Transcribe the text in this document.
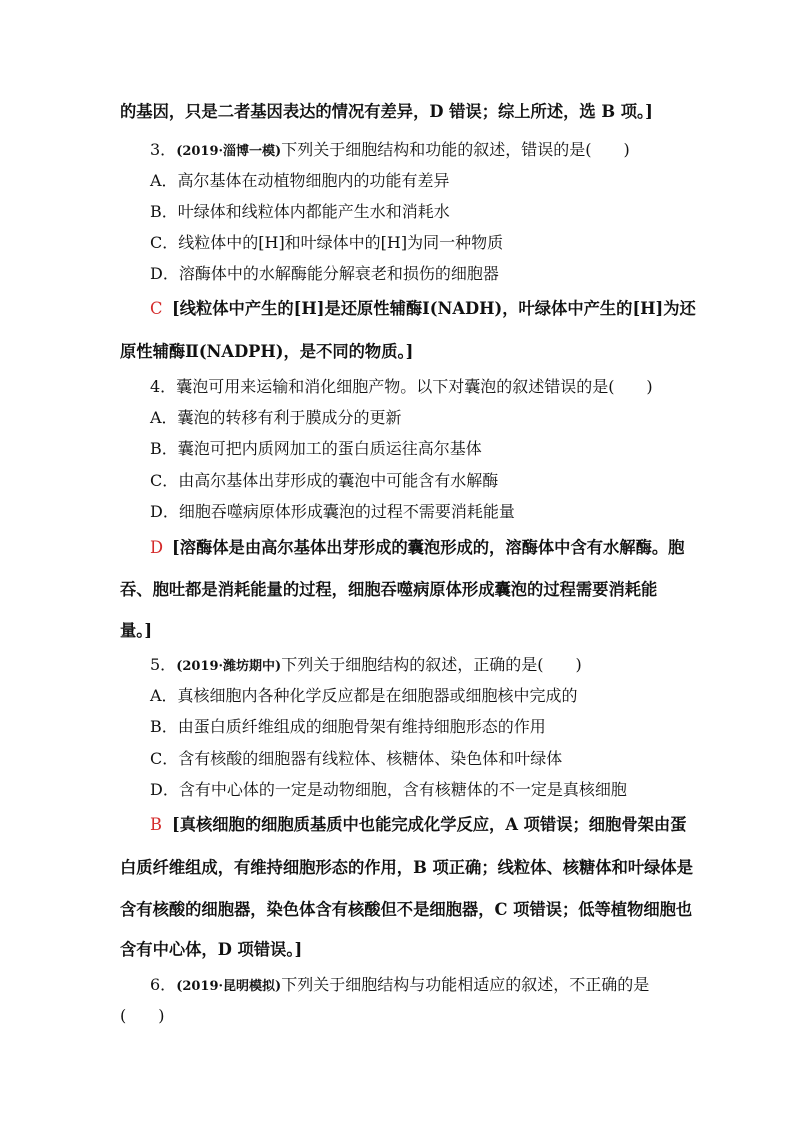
的基因，只是二者基因表达的情况有差异，D 错误；综上所述，选 B 项。]
3．(2019·淄博一模)下列关于细胞结构和功能的叙述，错误的是(　　)
A．高尔基体在动植物细胞内的功能有差异
B．叶绿体和线粒体内都能产生水和消耗水
C．线粒体中的[H]和叶绿体中的[H]为同一种物质
D．溶酶体中的水解酶能分解衰老和损伤的细胞器
C [线粒体中产生的[H]是还原性辅酶Ⅰ(NADH)，叶绿体中产生的[H]为还
原性辅酶Ⅱ(NADPH)，是不同的物质。]
4．囊泡可用来运输和消化细胞产物。以下对囊泡的叙述错误的是(　　)
A．囊泡的转移有利于膜成分的更新
B．囊泡可把内质网加工的蛋白质运往高尔基体
C．由高尔基体出芽形成的囊泡中可能含有水解酶
D．细胞吞噬病原体形成囊泡的过程不需要消耗能量
D [溶酶体是由高尔基体出芽形成的囊泡形成的，溶酶体中含有水解酶。胞
吞、胞吐都是消耗能量的过程，细胞吞噬病原体形成囊泡的过程需要消耗能
量。]
5．(2019·潍坊期中)下列关于细胞结构的叙述，正确的是(　　)
A．真核细胞内各种化学反应都是在细胞器或细胞核中完成的
B．由蛋白质纤维组成的细胞骨架有维持细胞形态的作用
C．含有核酸的细胞器有线粒体、核糖体、染色体和叶绿体
D．含有中心体的一定是动物细胞，含有核糖体的不一定是真核细胞
B [真核细胞的细胞质基质中也能完成化学反应，A 项错误；细胞骨架由蛋
白质纤维组成，有维持细胞形态的作用，B 项正确；线粒体、核糖体和叶绿体是
含有核酸的细胞器，染色体含有核酸但不是细胞器，C 项错误；低等植物细胞也
含有中心体，D 项错误。]
6．(2019·昆明模拟)下列关于细胞结构与功能相适应的叙述，不正确的是
(　　)
